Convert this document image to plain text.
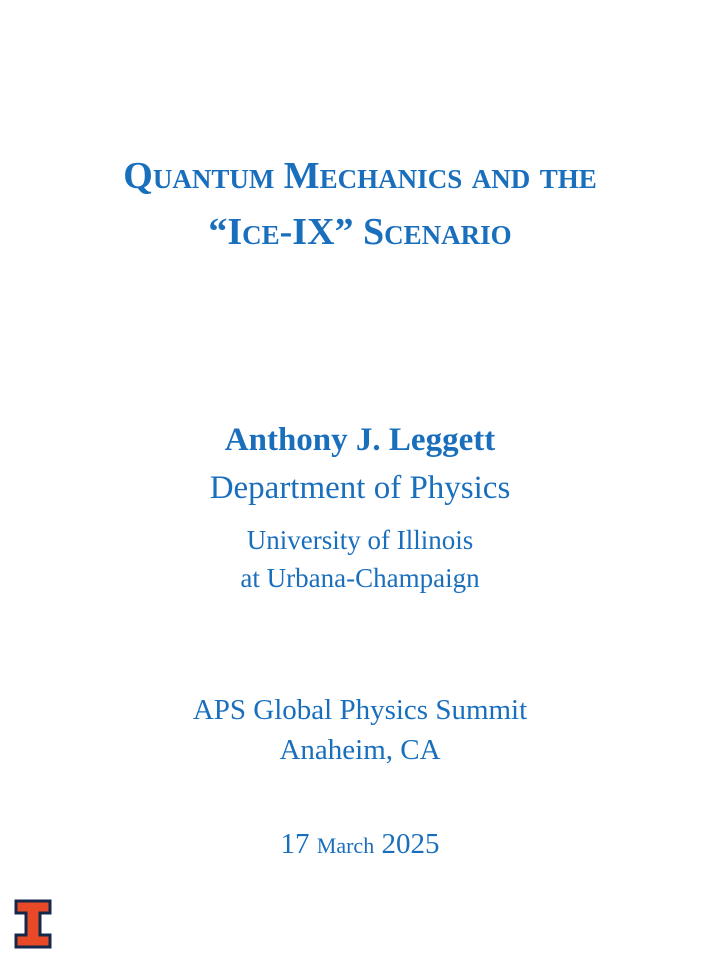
Quantum Mechanics and the
“Ice-IX” Scenario
Anthony J. Leggett
Department of Physics
University of Illinois
at Urbana-Champaign
APS Global Physics Summit
Anaheim, CA
17 March 2025
